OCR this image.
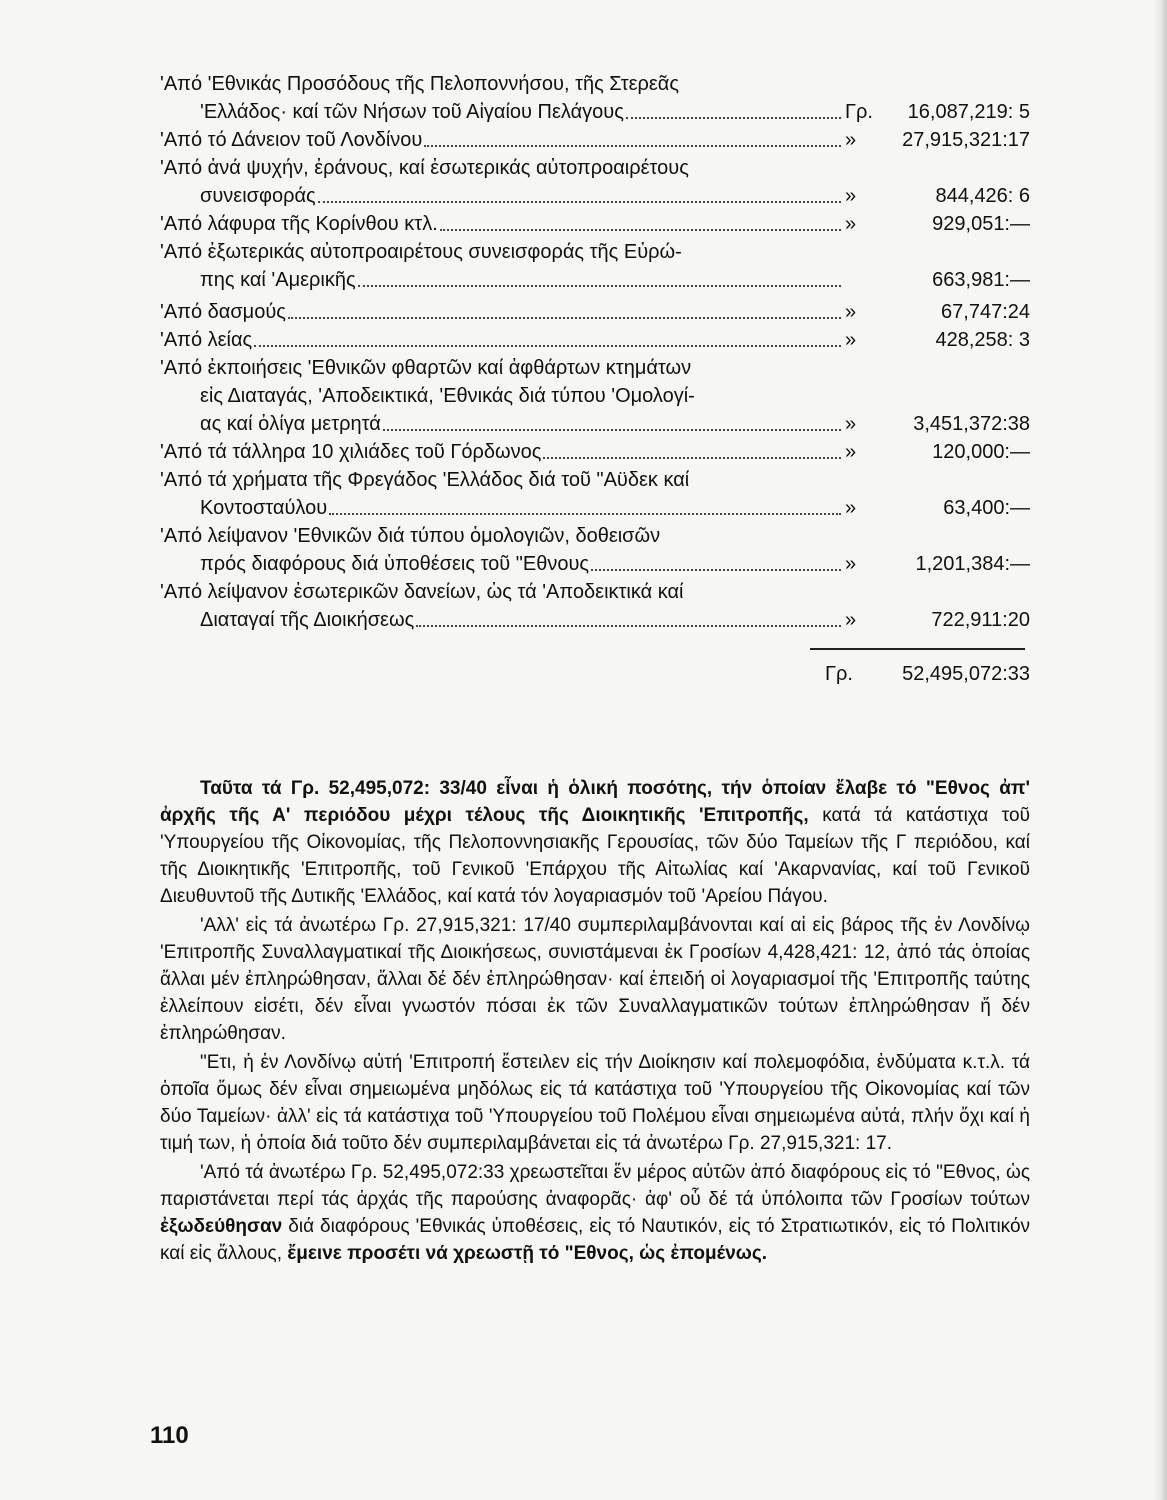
'Από 'Εθνικάς Προσόδους τῆς Πελοποννήσου, τῆς Στερεᾶς
'Ελλάδος· καί τῶν Νήσων τοῦ Αἰγαίου Πελάγους	Γρ.	16,087,219: 5
'Από τό Δάνειον τοῦ Λονδίνου	»	27,915,321:17
'Από ἀνά ψυχήν, ἐράνους, καί ἐσωτερικάς αὐτοπροαιρέτους
συνεισφοράς	»	844,426: 6
'Από λάφυρα τῆς Κορίνθου κτλ.	»	929,051:—
'Από ἐξωτερικάς αὐτοπροαιρέτους συνεισφοράς τῆς Εὐρώ-
πης καί 'Αμερικῆς	663,981:—
'Από δασμούς	»	67,747:24
'Από λείας	»	428,258: 3
'Από ἐκποιήσεις 'Εθνικῶν φθαρτῶν καί ἀφθάρτων κτημάτων
εἰς Διαταγάς, 'Αποδεικτικά, 'Εθνικάς διά τύπου 'Ομολογί-
ας καί ὀλίγα μετρητά	»	3,451,372:38
'Από τά τάλληρα 10 χιλιάδες τοῦ Γόρδωνος	»	120,000:—
'Από τά χρήματα τῆς Φρεγάδος 'Ελλάδος διά τοῦ "Αϋδεκ καί
Κοντοσταύλου	»	63,400:—
'Από λείψανον 'Εθνικῶν διά τύπου ὁμολογιῶν, δοθεισῶν
πρός διαφόρους διά ὑποθέσεις τοῦ "Εθνους	»	1,201,384:—
'Από λείψανον ἐσωτερικῶν δανείων, ὡς τά 'Αποδεικτικά καί
Διαταγαί τῆς Διοικήσεως	»	722,911:20
Γρ.	52,495,072:33

Ταῦτα τά Γρ. 52,495,072: 33/40 εἶναι ἡ ὁλική ποσότης, τήν ὁποίαν ἔλαβε τό "Εθνος ἀπ' ἀρχῆς τῆς Α' περιόδου μέχρι τέλους τῆς Διοικητικῆς 'Επιτροπῆς, κατά τά κατάστιχα τοῦ 'Υπουργείου τῆς Οἰκονομίας, τῆς Πελοποννησιακῆς Γερουσίας, τῶν δύο Ταμείων τῆς Γ περιόδου, καί τῆς Διοικητικῆς 'Επιτροπῆς, τοῦ Γενικοῦ 'Επάρχου τῆς Αἰτωλίας καί 'Ακαρνανίας, καί τοῦ Γενικοῦ Διευθυντοῦ τῆς Δυτικῆς 'Ελλάδος, καί κατά τόν λογαριασμόν τοῦ 'Αρείου Πάγου.

'Αλλ' εἰς τά ἀνωτέρω Γρ. 27,915,321: 17/40 συμπεριλαμβάνονται καί αἱ εἰς βάρος τῆς ἐν Λονδίνῳ 'Επιτροπῆς Συναλλαγματικαί τῆς Διοικήσεως, συνιστάμεναι ἐκ Γροσίων 4,428,421: 12, ἀπό τάς ὁποίας ἄλλαι μέν ἐπληρώθησαν, ἄλλαι δέ δέν ἐπληρώθησαν· καί ἐπειδή οἱ λογαριασμοί τῆς 'Επιτροπῆς ταύτης ἐλλείπουν εἰσέτι, δέν εἶναι γνωστόν πόσαι ἐκ τῶν Συναλλαγματικῶν τούτων ἐπληρώθησαν ἤ δέν ἐπληρώθησαν.

"Ετι, ἡ ἐν Λονδίνῳ αὐτή 'Επιτροπή ἔστειλεν εἰς τήν Διοίκησιν καί πολεμοφόδια, ἐνδύματα κ.τ.λ. τά ὁποῖα ὅμως δέν εἶναι σημειωμένα μηδόλως εἰς τά κατάστιχα τοῦ 'Υπουργείου τῆς Οἰκονομίας καί τῶν δύο Ταμείων· ἀλλ' εἰς τά κατάστιχα τοῦ 'Υπουργείου τοῦ Πολέμου εἶναι σημειωμένα αὐτά, πλήν ὄχι καί ἡ τιμή των, ἡ ὁποία διά τοῦτο δέν συμπεριλαμβάνεται εἰς τά ἀνωτέρω Γρ. 27,915,321: 17.

'Από τά ἀνωτέρω Γρ. 52,495,072:33 χρεωστεῖται ἕν μέρος αὐτῶν ἀπό διαφόρους εἰς τό "Εθνος, ὡς παριστάνεται περί τάς ἀρχάς τῆς παρούσης ἀναφορᾶς· ἀφ' οὗ δέ τά ὑπόλοιπα τῶν Γροσίων τούτων ἐξωδεύθησαν διά διαφόρους 'Εθνικάς ὑποθέσεις, εἰς τό Ναυτικόν, εἰς τό Στρατιωτικόν, εἰς τό Πολιτικόν καί εἰς ἄλλους, ἔμεινε προσέτι νά χρεωστῇ τό "Εθνος, ὡς ἐπομένως.

110
